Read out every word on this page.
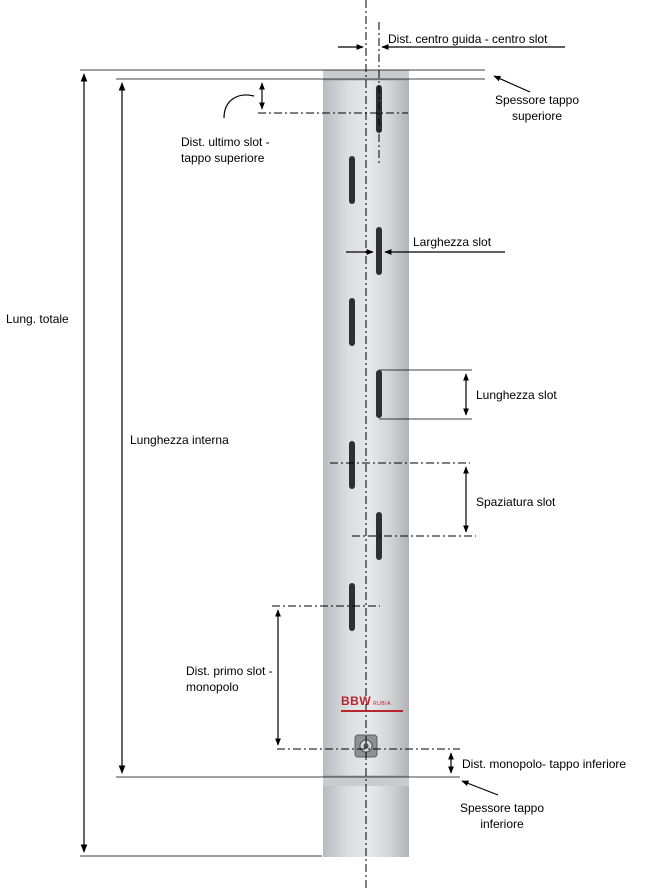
Dist. centro guida - centro slot
Spessore tappo
superiore
Dist. ultimo slot -
tappo superiore
Larghezza slot
Lunghezza slot
Spaziatura slot
Lung. totale
Lunghezza interna
Dist. primo slot -
monopolo
Dist. monopolo- tappo inferiore
Spessore tappo
inferiore
BBW RUBIA
